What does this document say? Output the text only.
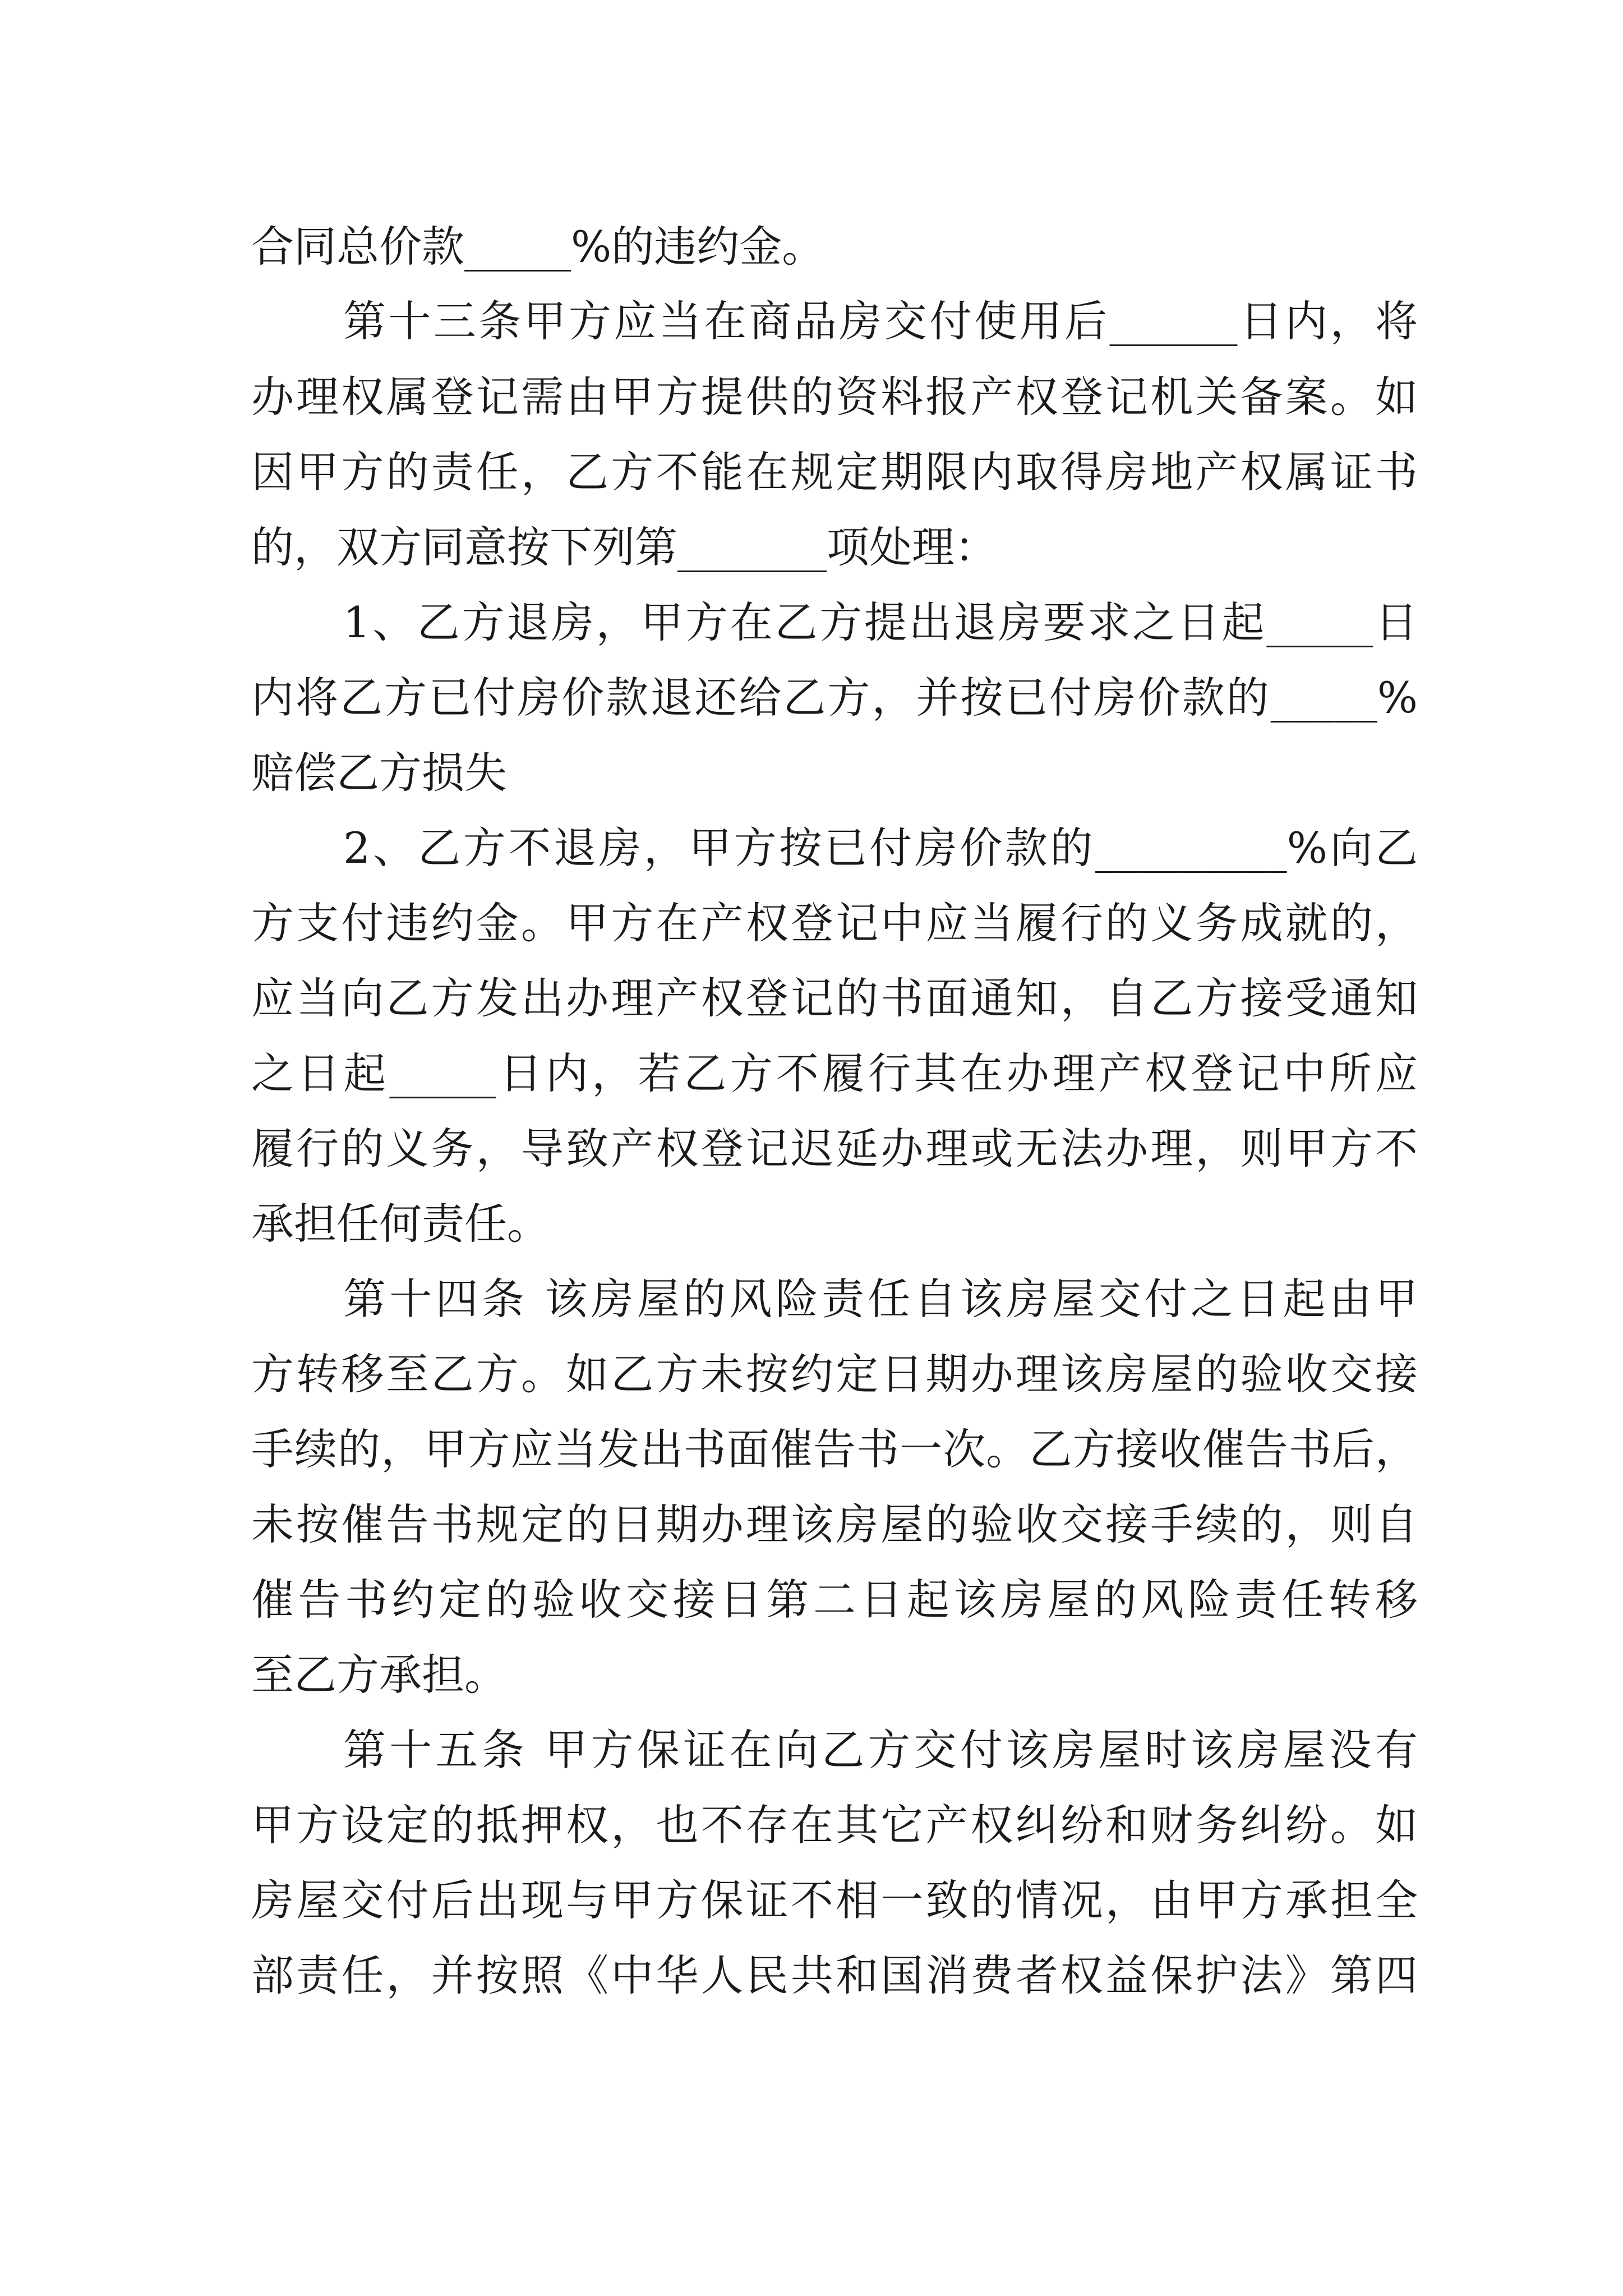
合同总价款_____%的违约金。
第十三条甲方应当在商品房交付使用后______日内，将
办理权属登记需由甲方提供的资料报产权登记机关备案。如
因甲方的责任，乙方不能在规定期限内取得房地产权属证书
的，双方同意按下列第_______项处理：
1、乙方退房，甲方在乙方提出退房要求之日起_____日
内将乙方已付房价款退还给乙方，并按已付房价款的_____%
赔偿乙方损失
2、乙方不退房，甲方按已付房价款的_________%向乙
方支付违约金。甲方在产权登记中应当履行的义务成就的，
应当向乙方发出办理产权登记的书面通知，自乙方接受通知
之日起_____日内，若乙方不履行其在办理产权登记中所应
履行的义务，导致产权登记迟延办理或无法办理，则甲方不
承担任何责任。
第十四条 该房屋的风险责任自该房屋交付之日起由甲
方转移至乙方。如乙方未按约定日期办理该房屋的验收交接
手续的，甲方应当发出书面催告书一次。乙方接收催告书后，
未按催告书规定的日期办理该房屋的验收交接手续的，则自
催告书约定的验收交接日第二日起该房屋的风险责任转移
至乙方承担。
第十五条 甲方保证在向乙方交付该房屋时该房屋没有
甲方设定的抵押权，也不存在其它产权纠纷和财务纠纷。如
房屋交付后出现与甲方保证不相一致的情况，由甲方承担全
部责任，并按照《中华人民共和国消费者权益保护法》第四
